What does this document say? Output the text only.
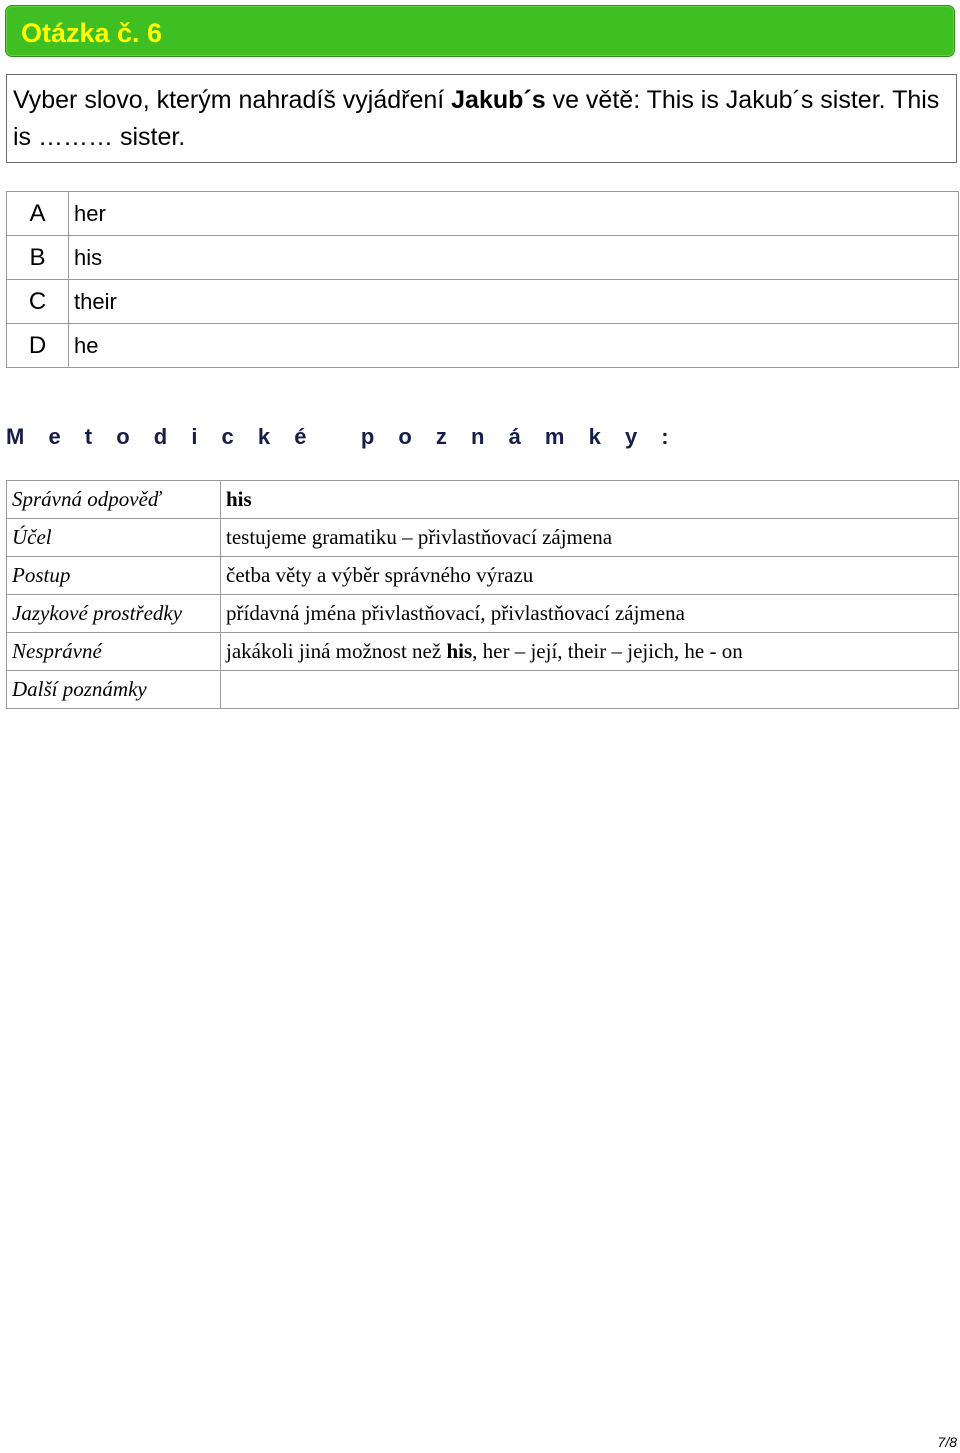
Otázka č. 6
Vyber slovo, kterým nahradíš vyjádření Jakub´s ve větě: This is Jakub´s sister. This is ……… sister.
A	her
B	his
C	their
D	he
M e t o d i c k é   p o z n á m k y :
Správná odpověď	his
Účel	testujeme gramatiku – přivlastňovací zájmena
Postup	četba věty a výběr správného výrazu
Jazykové prostředky	přídavná jména přivlastňovací, přivlastňovací zájmena
Nesprávné	jakákoli jiná možnost než his, her – její, their – jejich, he - on
Další poznámky	
7/8
